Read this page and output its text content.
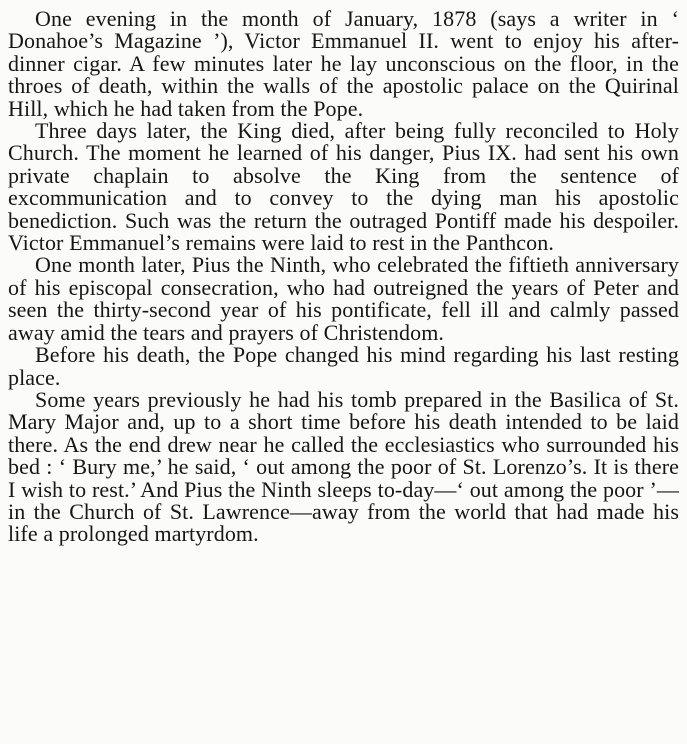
One evening in the month of January, 1878 (says a writer in ‘ Donahoe’s Magazine ’), Victor Emmanuel II. went to enjoy his after-dinner cigar. A few minutes later he lay unconscious on the floor, in the throes of death, within the walls of the apostolic palace on the Quirinal Hill, which he had taken from the Pope.

Three days later, the King died, after being fully reconciled to Holy Church. The moment he learned of his danger, Pius IX. had sent his own private chaplain to absolve the King from the sentence of excommunication and to convey to the dying man his apostolic benediction. Such was the return the outraged Pontiff made his despoiler. Victor Emmanuel’s remains were laid to rest in the Panthcon.

One month later, Pius the Ninth, who celebrated the fiftieth anniversary of his episcopal consecration, who had outreigned the years of Peter and seen the thirty-second year of his pontificate, fell ill and calmly passed away amid the tears and prayers of Christendom.

Before his death, the Pope changed his mind regarding his last resting place.

Some years previously he had his tomb prepared in the Basilica of St. Mary Major and, up to a short time before his death intended to be laid there. As the end drew near he called the ecclesiastics who surrounded his bed : ‘ Bury me,’ he said, ‘ out among the poor of St. Lorenzo’s. It is there I wish to rest.’ And Pius the Ninth sleeps to-day—‘ out among the poor ’—in the Church of St. Lawrence—away from the world that had made his life a prolonged martyrdom.
